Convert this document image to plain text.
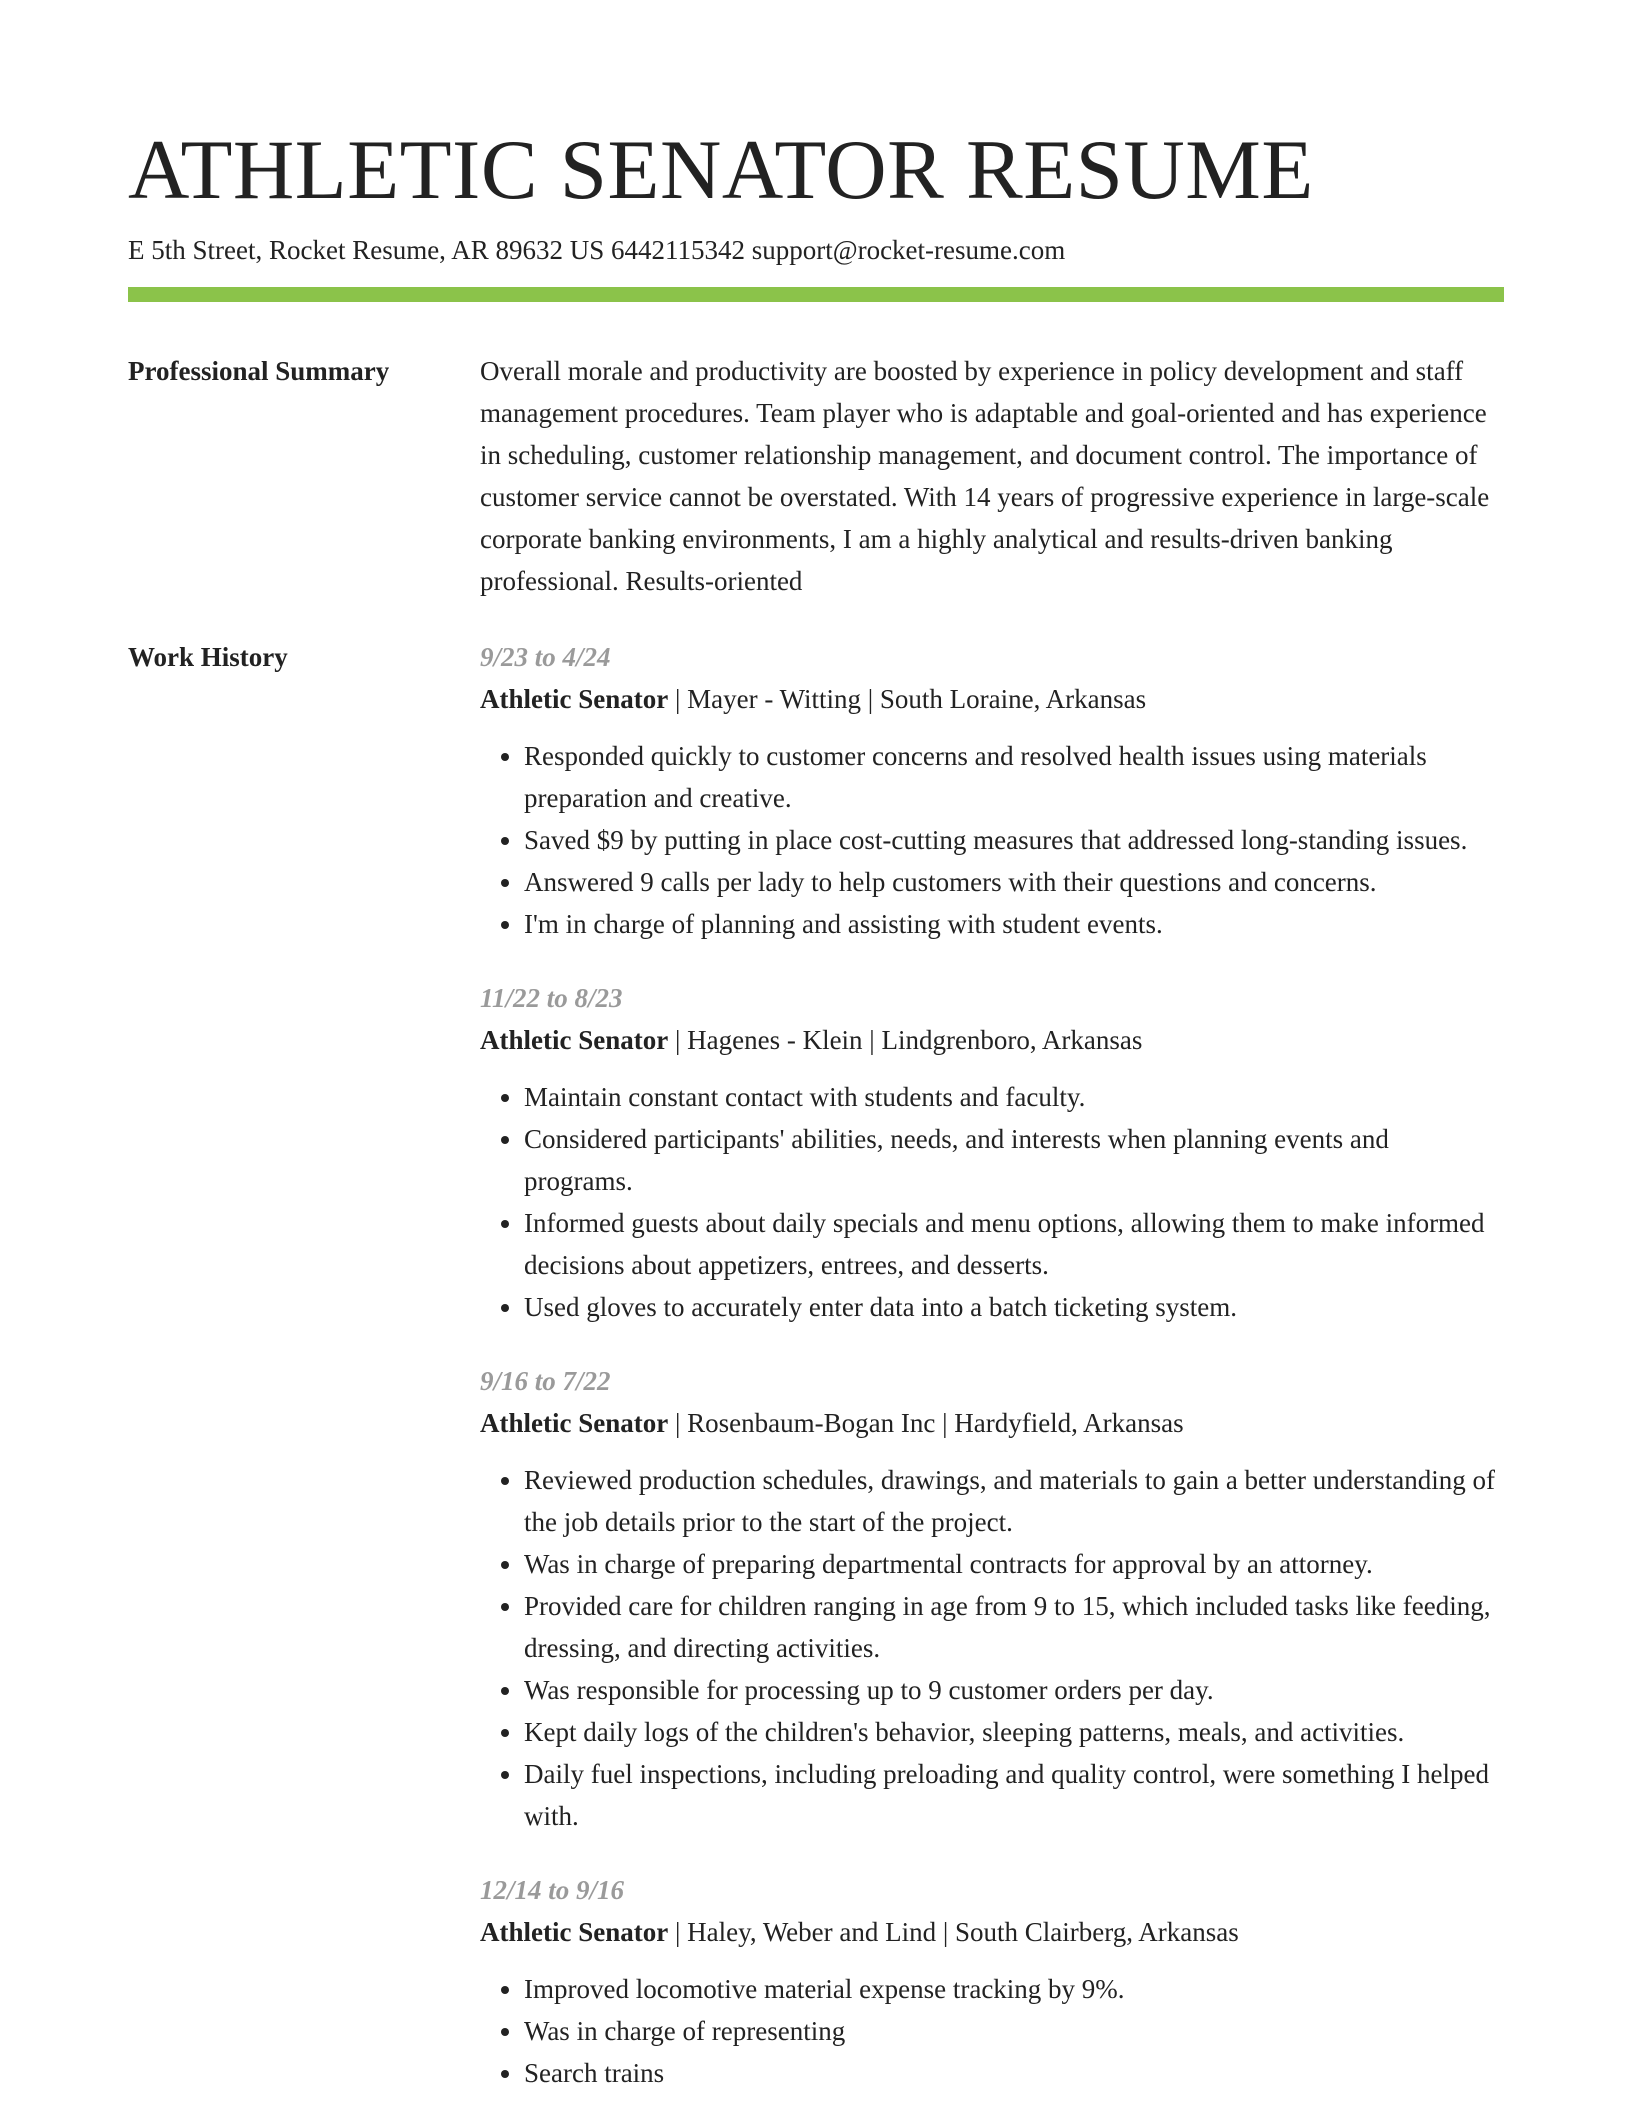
ATHLETIC SENATOR RESUME
E 5th Street, Rocket Resume, AR 89632 US 6442115342 support@rocket-resume.com
Professional Summary	Overall morale and productivity are boosted by experience in policy development and staff management procedures. Team player who is adaptable and goal-oriented and has experience in scheduling, customer relationship management, and document control. The importance of customer service cannot be overstated. With 14 years of progressive experience in large-scale corporate banking environments, I am a highly analytical and results-driven banking professional. Results-oriented

Work History	9/23 to 4/24
Athletic Senator | Mayer - Witting | South Loraine, Arkansas
• Responded quickly to customer concerns and resolved health issues using materials preparation and creative.
• Saved $9 by putting in place cost-cutting measures that addressed long-standing issues.
• Answered 9 calls per lady to help customers with their questions and concerns.
• I'm in charge of planning and assisting with student events.
11/22 to 8/23
Athletic Senator | Hagenes - Klein | Lindgrenboro, Arkansas
• Maintain constant contact with students and faculty.
• Considered participants' abilities, needs, and interests when planning events and programs.
• Informed guests about daily specials and menu options, allowing them to make informed decisions about appetizers, entrees, and desserts.
• Used gloves to accurately enter data into a batch ticketing system.
9/16 to 7/22
Athletic Senator | Rosenbaum-Bogan Inc | Hardyfield, Arkansas
• Reviewed production schedules, drawings, and materials to gain a better understanding of the job details prior to the start of the project.
• Was in charge of preparing departmental contracts for approval by an attorney.
• Provided care for children ranging in age from 9 to 15, which included tasks like feeding, dressing, and directing activities.
• Was responsible for processing up to 9 customer orders per day.
• Kept daily logs of the children's behavior, sleeping patterns, meals, and activities.
• Daily fuel inspections, including preloading and quality control, were something I helped with.
12/14 to 9/16
Athletic Senator | Haley, Weber and Lind | South Clairberg, Arkansas
• Improved locomotive material expense tracking by 9%.
• Was in charge of representing
• Search trains
